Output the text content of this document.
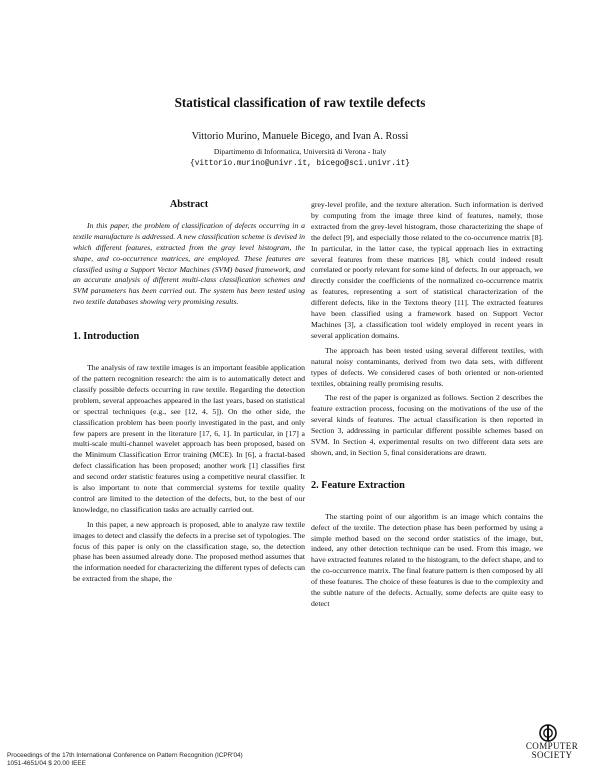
Statistical classification of raw textile defects
Vittorio Murino, Manuele Bicego, and Ivan A. Rossi
Dipartimento di Informatica, Università di Verona - Italy
{vittorio.murino@univr.it, bicego@sci.univr.it}
Abstract

In this paper, the problem of classification of defects occurring in a textile manufacture is addressed. A new classification scheme is devised in which different features, extracted from the gray level histogram, the shape, and co-occurrence matrices, are employed. These features are classified using a Support Vector Machines (SVM) based framework, and an accurate analysis of different multi-class classification schemes and SVM parameters has been carried out. The system has been tested using two textile databases showing very promising results.

1. Introduction

The analysis of raw textile images is an important feasible application of the pattern recognition research: the aim is to automatically detect and classify possible defects occurring in raw textile. Regarding the detection problem, several approaches appeared in the last years, based on statistical or spectral techniques (e.g., see [12, 4, 5]). On the other side, the classification problem has been poorly investigated in the past, and only few papers are present in the literature [17, 6, 1]. In particular, in [17] a multi-scale multi-channel wavelet approach has been proposed, based on the Minimum Classification Error training (MCE). In [6], a fractal-based defect classification has been proposed; another work [1] classifies first and second order statistic features using a competitive neural classifier. It is also important to note that commercial systems for textile quality control are limited to the detection of the defects, but, to the best of our knowledge, no classification tasks are actually carried out.

In this paper, a new approach is proposed, able to analyze raw textile images to detect and classify the defects in a precise set of typologies. The focus of this paper is only on the classification stage, so, the detection phase has been assumed already done. The proposed method assumes that the information needed for characterizing the different types of defects can be extracted from the shape, the

grey-level profile, and the texture alteration. Such information is derived by computing from the image three kind of features, namely, those extracted from the grey-level histogram, those characterizing the shape of the defect [9], and especially those related to the co-occurrence matrix [8]. In particular, in the latter case, the typical approach lies in extracting several features from these matrices [8], which could indeed result correlated or poorly relevant for some kind of defects. In our approach, we directly consider the coefficients of the normalized co-occurrence matrix as features, representing a sort of statistical characterization of the different defects, like in the Textons theory [11]. The extracted features have been classified using a framework based on Support Vector Machines [3], a classification tool widely employed in recent years in several application domains.

The approach has been tested using several different textiles, with natural noisy contaminants, derived from two data sets, with different types of defects. We considered cases of both oriented or non-oriented textiles, obtaining really promising results.

The rest of the paper is organized as follows. Section 2 describes the feature extraction process, focusing on the motivations of the use of the several kinds of features. The actual classification is then reported in Section 3, addressing in particular different possible schemes based on SVM. In Section 4, experimental results on two different data sets are shown, and, in Section 5, final considerations are drawn.

2. Feature Extraction

The starting point of our algorithm is an image which contains the defect of the textile. The detection phase has been performed by using a simple method based on the second order statistics of the image, but, indeed, any other detection technique can be used. From this image, we have extracted features related to the histogram, to the defect shape, and to the co-occurrence matrix. The final feature pattern is then composed by all of these features. The choice of these features is due to the complexity and the subtle nature of the defects. Actually, some defects are quite easy to detect

Proceedings of the 17th International Conference on Pattern Recognition (ICPR'04)
1051-4651/04 $ 20.00 IEEE
COMPUTER
SOCIETY
